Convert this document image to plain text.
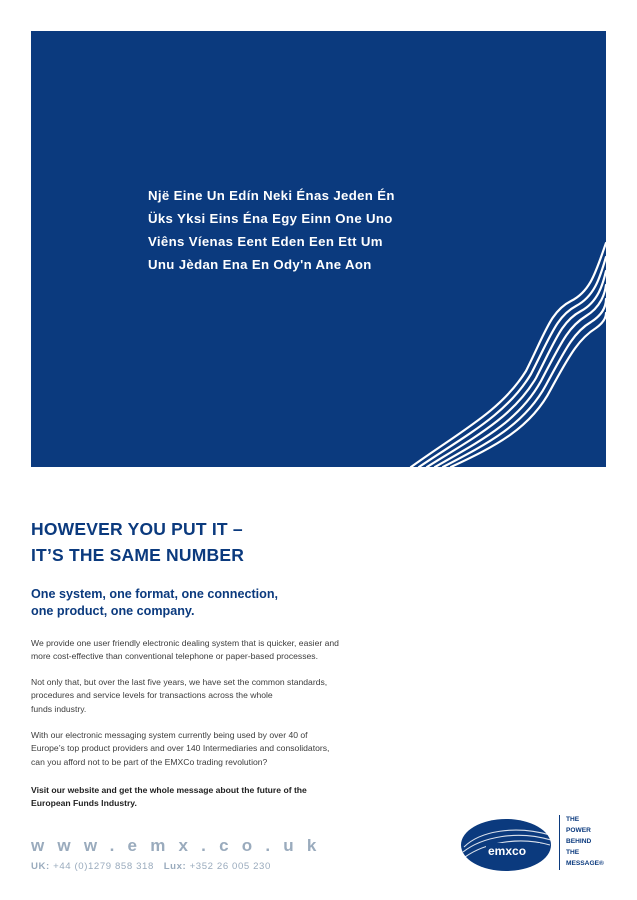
Një Eine Un Edín Neki Énas Jeden Én
Üks Yksi Eins Éna Egy Einn One Uno
Viêns Víenas Eent Eden Een Ett Um
Unu Jèdan Ena En Ody'n Ane Aon
HOWEVER YOU PUT IT –
IT’S THE SAME NUMBER
One system, one format, one connection,
one product, one company.
We provide one user friendly electronic dealing system that is quicker, easier and
more cost-effective than conventional telephone or paper-based processes.
Not only that, but over the last five years, we have set the common standards,
procedures and service levels for transactions across the whole
funds industry.
With our electronic messaging system currently being used by over 40 of
Europe’s top product providers and over 140 Intermediaries and consolidators,
can you afford not to be part of the EMXCo trading revolution?
Visit our website and get the whole message about the future of the
European Funds Industry.
www.emx.co.uk
UK: +44 (0)1279 858 318 Lux: +352 26 005 230
emxco
THE
POWER
BEHIND
THE
MESSAGE®
